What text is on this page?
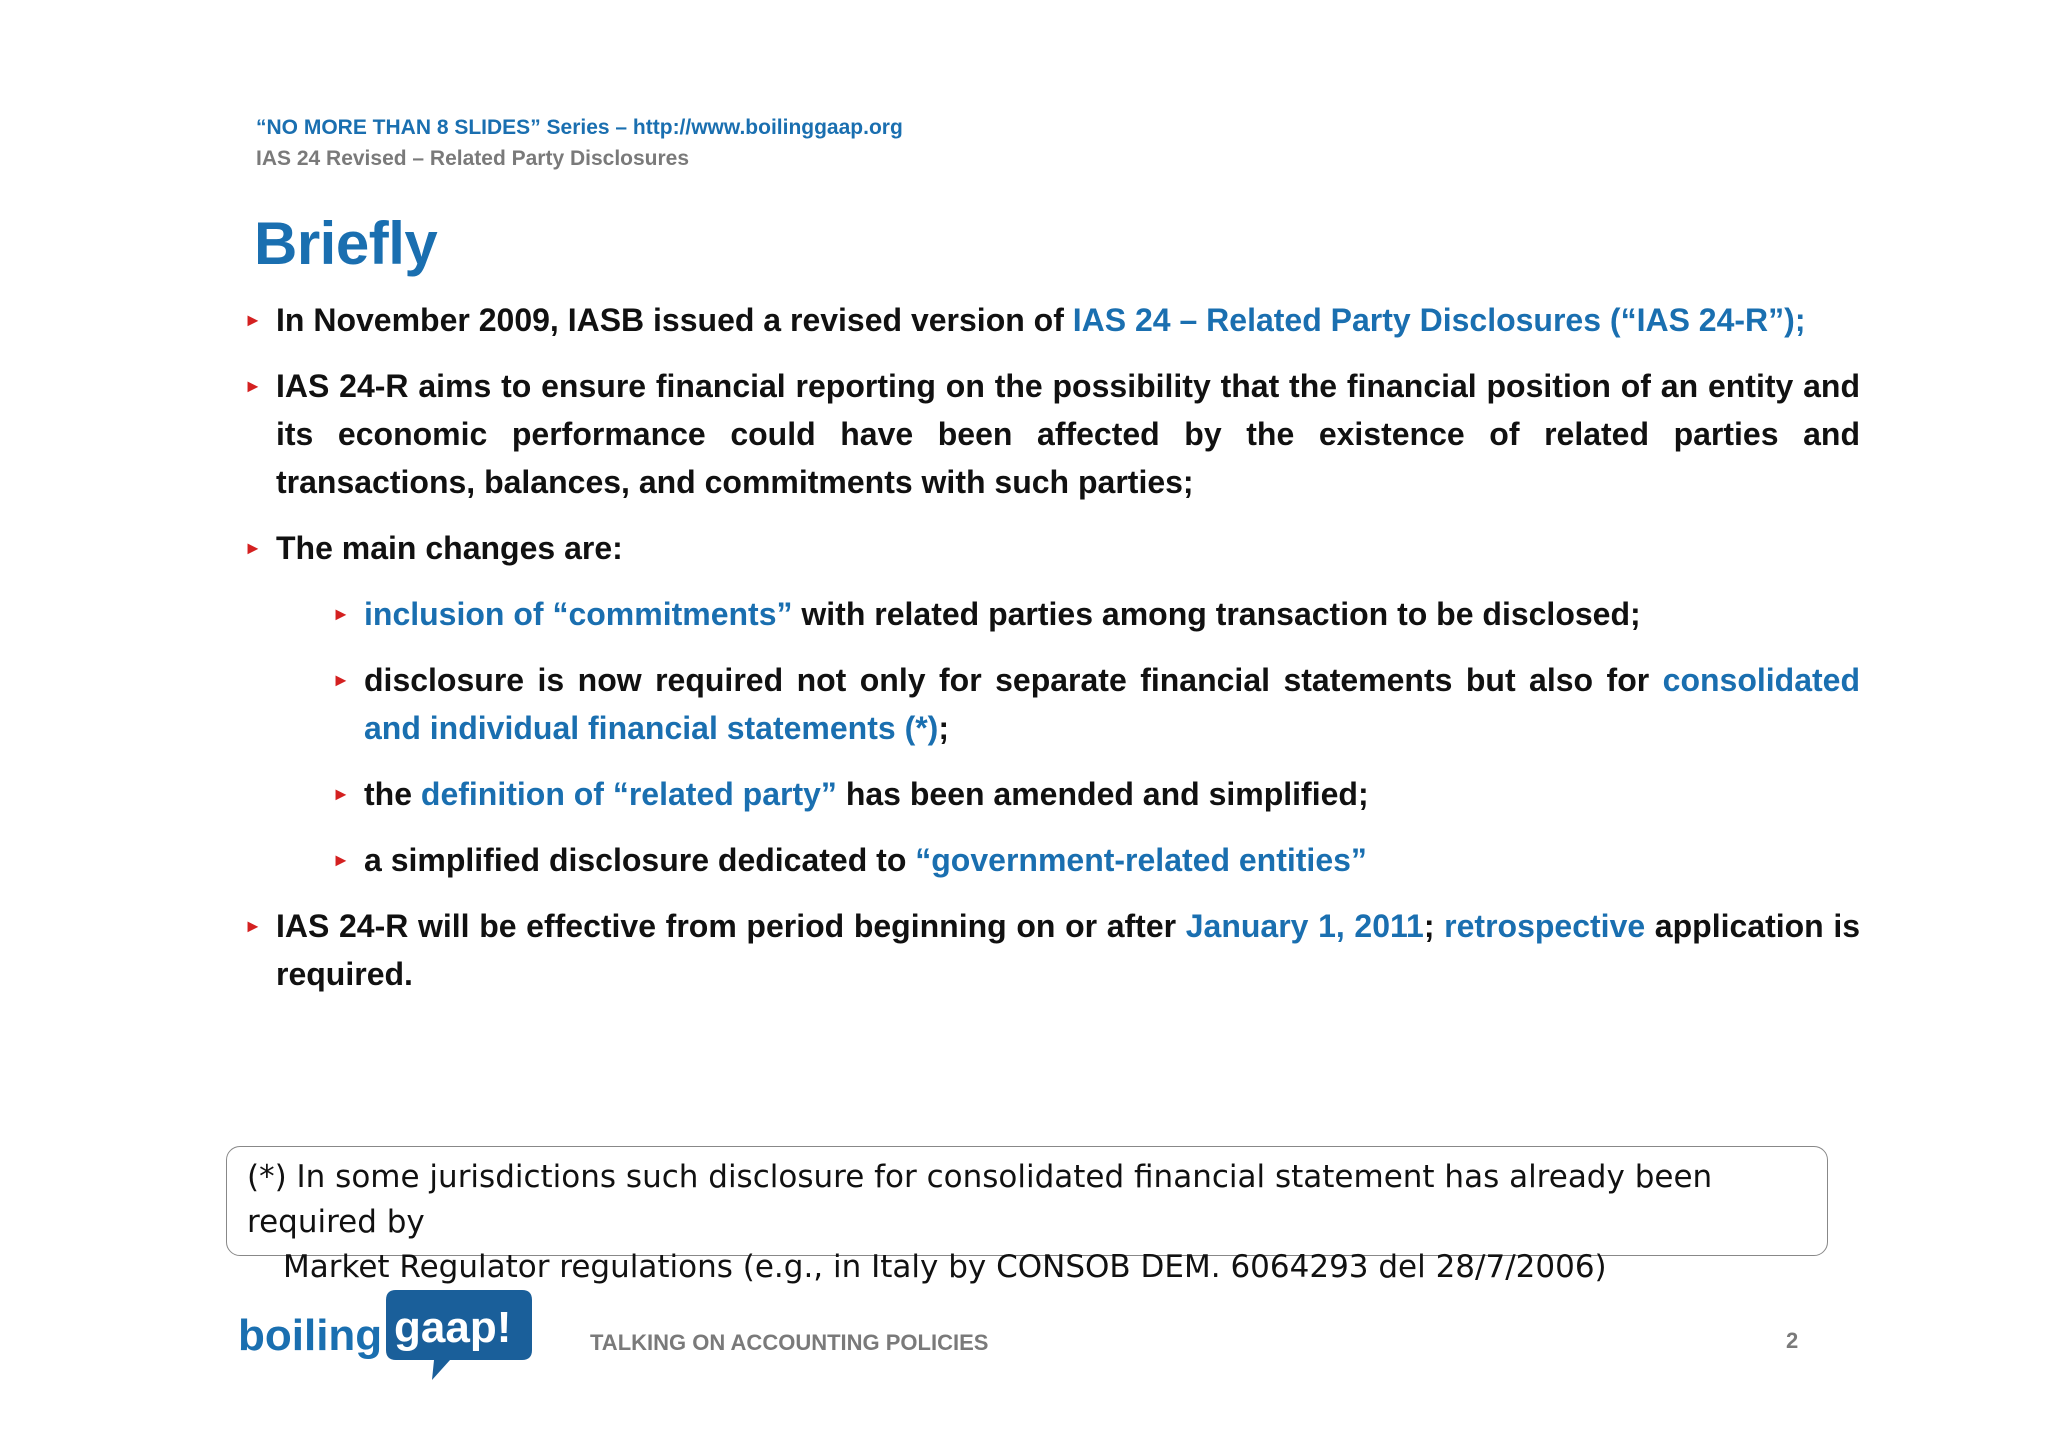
“NO MORE THAN 8 SLIDES” Series – http://www.boilinggaap.org
IAS 24 Revised – Related Party Disclosures
Briefly
► In November 2009, IASB issued a revised version of IAS 24 – Related Party Disclosures (“IAS 24-R”);
► IAS 24-R aims to ensure financial reporting on the possibility that the financial position of an entity and its economic performance could have been affected by the existence of related parties and transactions, balances, and commitments with such parties;
► The main changes are:
► inclusion of “commitments” with related parties among transaction to be disclosed;
► disclosure is now required not only for separate financial statements but also for consolidated and individual financial statements (*);
► the definition of “related party” has been amended and simplified;
► a simplified disclosure dedicated to “government-related entities”
► IAS 24-R will be effective from period beginning on or after January 1, 2011; retrospective application is required.
(*) In some jurisdictions such disclosure for consolidated financial statement has already been required by
Market Regulator regulations (e.g., in Italy by CONSOB DEM. 6064293 del 28/7/2006)
boiling gaap!	TALKING ON ACCOUNTING POLICIES	2
